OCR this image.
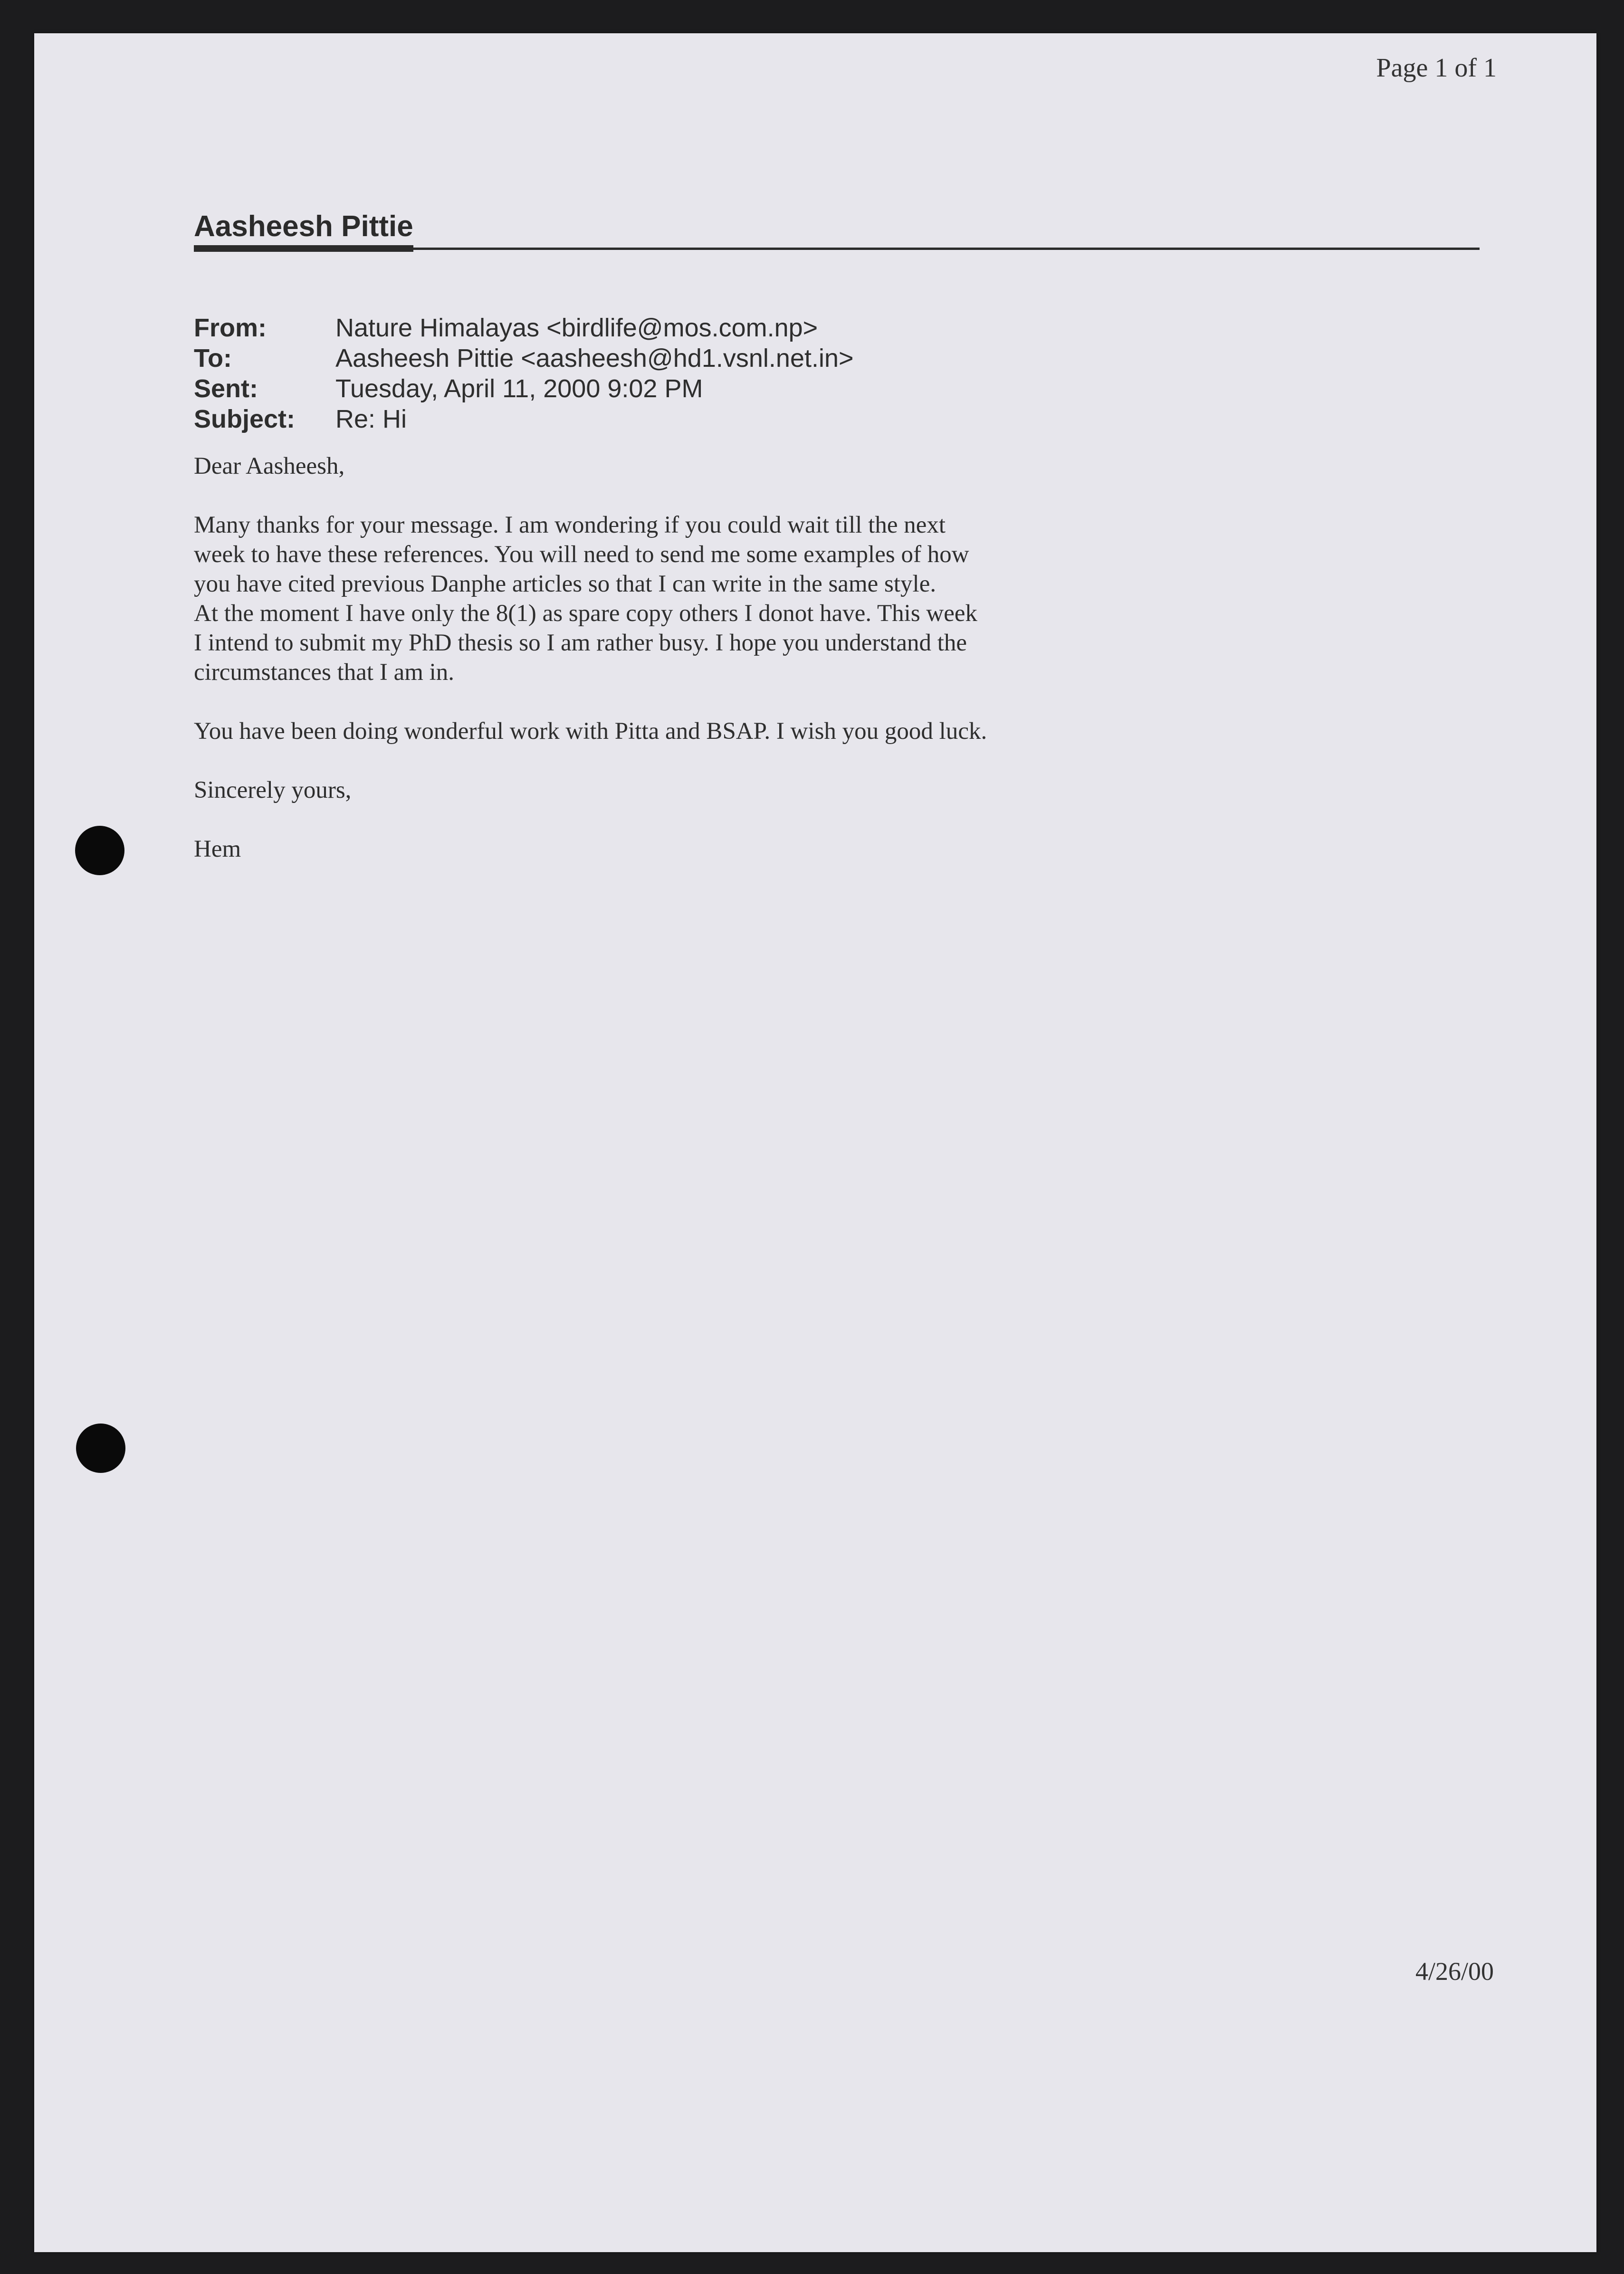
Page 1 of 1
Aasheesh Pittie
From:	Nature Himalayas <birdlife@mos.com.np>
To:	Aasheesh Pittie <aasheesh@hd1.vsnl.net.in>
Sent:	Tuesday, April 11, 2000 9:02 PM
Subject:	Re: Hi
Dear Aasheesh,
Many thanks for your message. I am wondering if you could wait till the next
week to have these references. You will need to send me some examples of how
you have cited previous Danphe articles so that I can write in the same style.
At the moment I have only the 8(1) as spare copy others I donot have. This week
I intend to submit my PhD thesis so I am rather busy. I hope you understand the
circumstances that I am in.
You have been doing wonderful work with Pitta and BSAP. I wish you good luck.
Sincerely yours,
Hem
4/26/00
